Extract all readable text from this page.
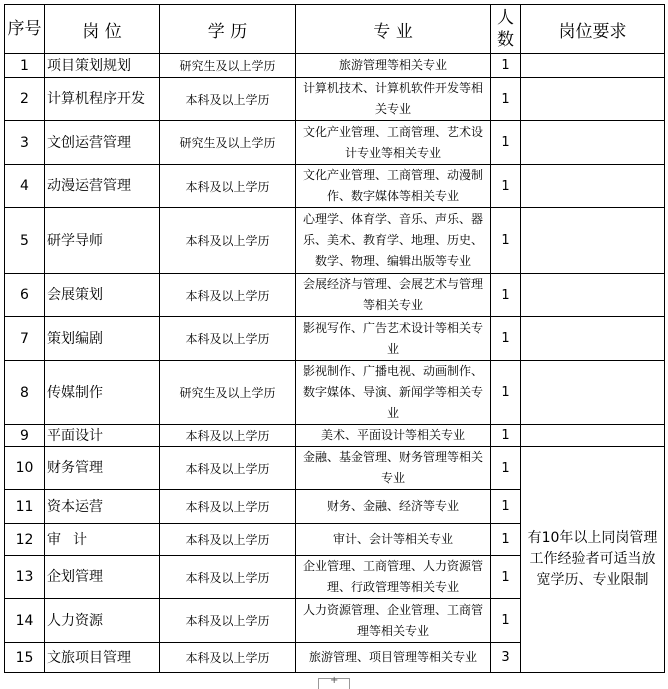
序号	岗 位	学 历	专 业	人数	岗位要求
1	项目策划规划	研究生及以上学历	旅游管理等相关专业	1	
2	计算机程序开发	本科及以上学历	计算机技术、计算机软件开发等相关专业	1	
3	文创运营管理	研究生及以上学历	文化产业管理、工商管理、艺术设计专业等相关专业	1	
4	动漫运营管理	本科及以上学历	文化产业管理、工商管理、动漫制作、数字媒体等相关专业	1	
5	研学导师	本科及以上学历	心理学、体育学、音乐、声乐、器乐、美术、教育学、地理、历史、数学、物理、编辑出版等专业	1	
6	会展策划	本科及以上学历	会展经济与管理、会展艺术与管理等相关专业	1	
7	策划编剧	本科及以上学历	影视写作、广告艺术设计等相关专业	1	
8	传媒制作	研究生及以上学历	影视制作、广播电视、动画制作、数字媒体、导演、新闻学等相关专业	1	
9	平面设计	本科及以上学历	美术、平面设计等相关专业	1	
10	财务管理	本科及以上学历	金融、基金管理、财务管理等相关专业	1	有10年以上同岗管理工作经验者可适当放宽学历、专业限制
11	资本运营	本科及以上学历	财务、金融、经济等专业	1	
12	审计	本科及以上学历	审计、会计等相关专业	1	
13	企划管理	本科及以上学历	企业管理、工商管理、人力资源管理、行政管理等相关专业	1	
14	人力资源	本科及以上学历	人力资源管理、企业管理、工商管理等相关专业	1	
15	文旅项目管理	本科及以上学历	旅游管理、项目管理等相关专业	3	
+
